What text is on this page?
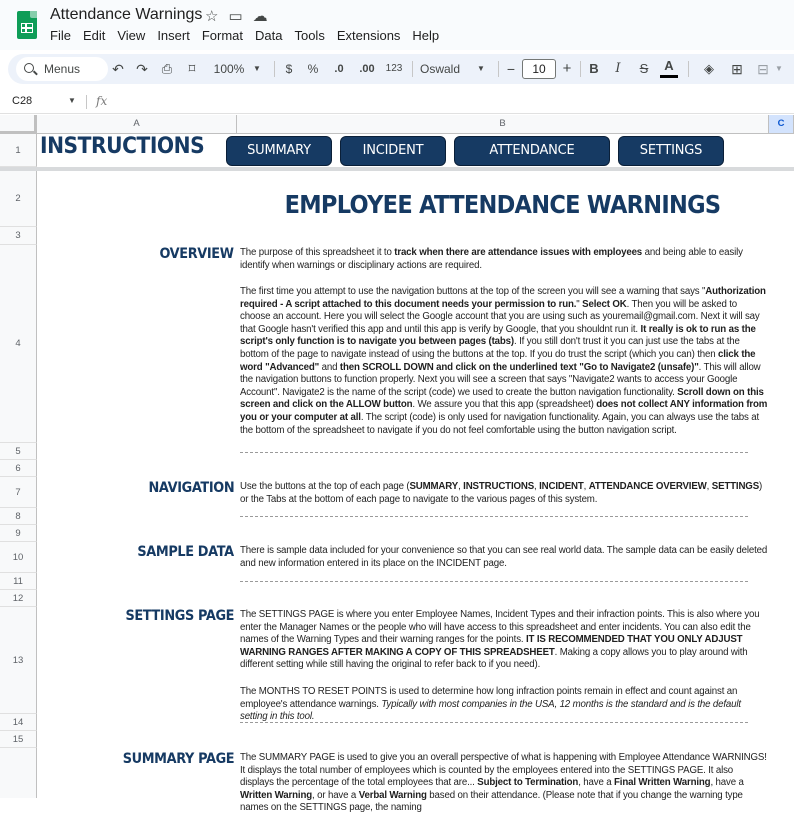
Attendance Warnings ☆ ▭ ☁
File Edit View Insert Format Data Tools Extensions Help
Menus ↶ ↷ ⎙	⌑	100%	▼	$	%	.0	.00	123 Oswald	▼ −	10	+ B	I	S	A	◈ ⊞ ⊟ ▼
C28	▼ fx
A	B	C
1
2
3
4
5
6
7
8
9
10
11
12
13
14
15
INSTRUCTIONS	SUMMARY	INCIDENT	ATTENDANCE OVERVIEW
SETTINGS
EMPLOYEE ATTENDANCE WARNINGS
OVERVIEW The purpose of this spreadsheet it to track when there are attendance issues with employees and being able to easily identify when warnings or disciplinary actions are required.
The first time you attempt to use the navigation buttons at the top of the screen you will see a warning that says "Authorization required - A script attached to this document needs your permission to run." Select OK. Then you will be asked to choose an account. Here you will select the Google account that you are using such as youremail@gmail.com. Next it will say that Google hasn't verified this app and until this app is verify by Google, that you shouldnt run it. It really is ok to run as the script's only function is to navigate you between pages (tabs). If you still don't trust it you can just use the tabs at the bottom of the page to navigate instead of using the buttons at the top. If you do trust the script (which you can) then click the word "Advanced" and then SCROLL DOWN and click on the underlined text "Go to Navigate2 (unsafe)". This will allow the navigation buttons to function properly. Next you will see a screen that says "Navigate2 wants to access your Google Account". Navigate2 is the name of the script (code) we used to create the button navigation functionality. Scroll down on this screen and click on the ALLOW button. We assure you that this app (spreadsheet) does not collect ANY information from you or your computer at all. The script (code) is only used for navigation functionality. Again, you can always use the tabs at the bottom of the spreadsheet to navigate if you do not feel comfortable using the button navigation script.
NAVIGATION Use the buttons at the top of each page (SUMMARY, INSTRUCTIONS, INCIDENT, ATTENDANCE OVERVIEW, SETTINGS) or the Tabs at the bottom of each page to navigate to the various pages of this system.
SAMPLE DATA There is sample data included for your convenience so that you can see real world data. The sample data can be easily deleted and new information entered in its place on the INCIDENT page.
SETTINGS PAGE The SETTINGS PAGE is where you enter Employee Names, Incident Types and their infraction points. This is also where you enter the Manager Names or the people who will have access to this spreadsheet and enter incidents. You can also edit the names of the Warning Types and their warning ranges for the points. IT IS RECOMMENDED THAT YOU ONLY ADJUST WARNING RANGES AFTER MAKING A COPY OF THIS SPREADSHEET. Making a copy allows you to play around with different setting while still having the original to refer back to if you need).
The MONTHS TO RESET POINTS is used to determine how long infraction points remain in effect and count against an employee's attendance warnings. Typically with most companies in the USA, 12 months is the standard and is the default setting in this tool.
SUMMARY PAGE The SUMMARY PAGE is used to give you an overall perspective of what is happening with Employee Attendance WARNINGS! It displays the total number of employees which is counted by the employees entered into the SETTINGS PAGE. It also displays the percentage of the total employees that are... Subject to Termination, have a Final Written Warning, have a Written Warning, or have a Verbal Warning based on their attendance. (Please note that if you change the warning type names on the SETTINGS page, the naming
